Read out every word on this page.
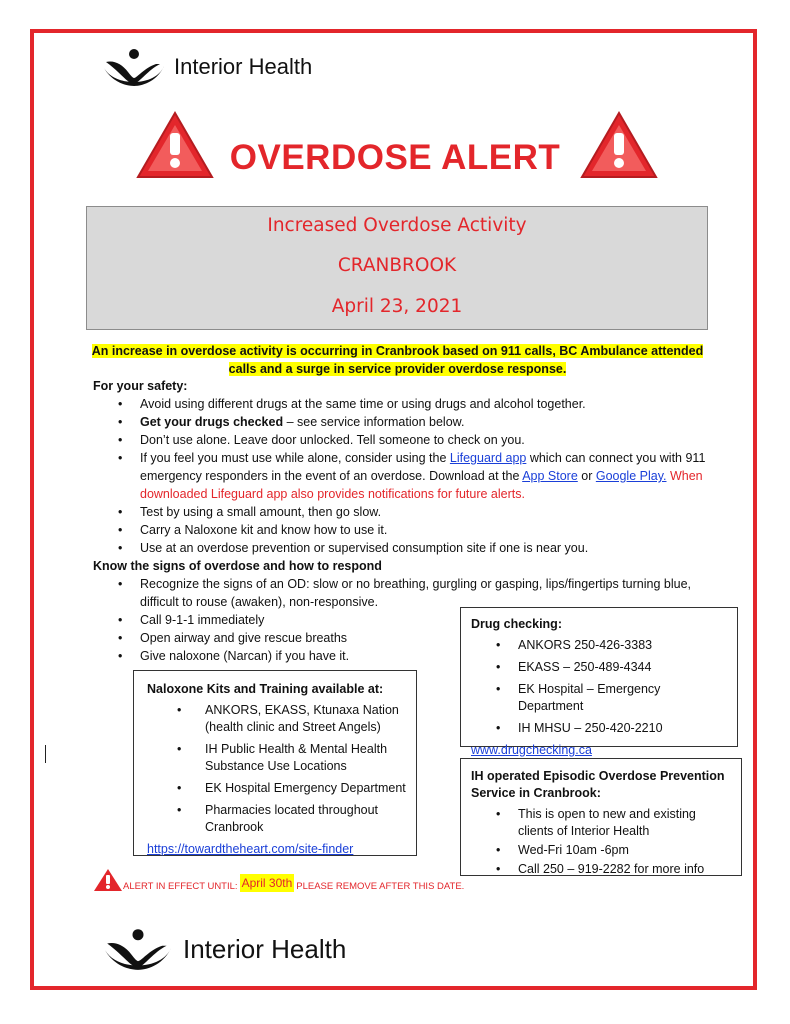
Interior Health
OVERDOSE ALERT
Increased Overdose Activity
CRANBROOK
April 23, 2021
An increase in overdose activity is occurring in Cranbrook based on 911 calls, BC Ambulance attended
calls and a surge in service provider overdose response.
For your safety:
• Avoid using different drugs at the same time or using drugs and alcohol together.
• Get your drugs checked – see service information below.
• Don’t use alone. Leave door unlocked. Tell someone to check on you.
• If you feel you must use while alone, consider using the Lifeguard app which can connect you with 911 emergency responders in the event of an overdose. Download at the App Store or Google Play. When downloaded Lifeguard app also provides notifications for future alerts.
• Test by using a small amount, then go slow.
• Carry a Naloxone kit and know how to use it.
• Use at an overdose prevention or supervised consumption site if one is near you.
Know the signs of overdose and how to respond
• Recognize the signs of an OD: slow or no breathing, gurgling or gasping, lips/fingertips turning blue, difficult to rouse (awaken), non-responsive.
• Call 9-1-1 immediately
• Open airway and give rescue breaths
• Give naloxone (Narcan) if you have it.
Drug checking:
• ANKORS 250-426-3383
• EKASS – 250-489-4344
• EK Hospital – Emergency Department
• IH MHSU – 250-420-2210
www.drugchecking.ca
Naloxone Kits and Training available at:
• ANKORS, EKASS, Ktunaxa Nation (health clinic and Street Angels)
• IH Public Health & Mental Health Substance Use Locations
• EK Hospital Emergency Department
• Pharmacies located throughout Cranbrook
https://towardtheheart.com/site-finder
IH operated Episodic Overdose Prevention Service in Cranbrook:
• This is open to new and existing clients of Interior Health
• Wed-Fri 10am -6pm
• Call 250 – 919-2282 for more info
ALERT IN EFFECT UNTIL: April 30th PLEASE REMOVE AFTER THIS DATE.
Interior Health
